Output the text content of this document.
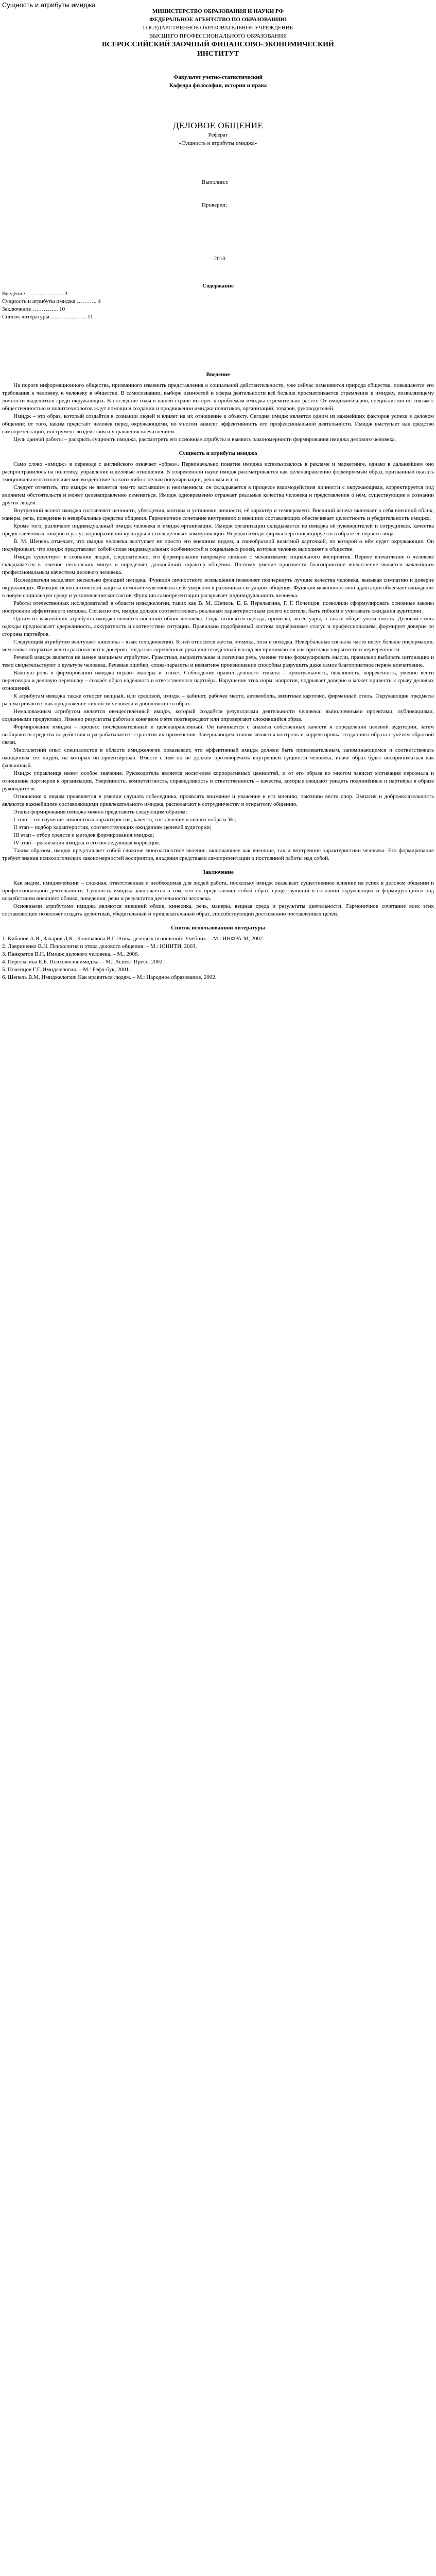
Сущность и атрибуты имиджа
МИНИСТЕРСТВО ОБРАЗОВАНИЯ И НАУКИ РФ
ФЕДЕРАЛЬНОЕ АГЕНТСТВО ПО ОБРАЗОВАНИЮ
ГОСУДАРСТВЕННОЕ ОБРАЗОВАТЕЛЬНОЕ УЧРЕЖДЕНИЕ
ВЫСШЕГО ПРОФЕССИОНАЛЬНОГО ОБРАЗОВАНИЯ
ВСЕРОССИЙСКИЙ ЗАОЧНЫЙ ФИНАНСОВО-ЭКОНОМИЧЕСКИЙ
ИНСТИТУТ
Факультет учетно-статистический
Кафедра философии, истории и права
ДЕЛОВОЕ ОБЩЕНИЕ
Реферат
«Сущность и атрибуты имиджа»
Выполнил:
Проверил:
- 2010
Содержание
Введение ……………….. 3
Сущность и атрибуты имиджа ……….. 4
Заключение ………….. 10
Список литературы ………………. 11
Введение

На пороге информационного общества, призванного изменить представления о социальной действительности, уже сейчас изменяются природа общества, повышаются его требования к человеку, к человеку в обществе. В самосознании, выборе ценностей и сферы деятельности всё больше просматривается стремление к имиджу, позволяющему личности выделиться среди окружающих. В последние годы в нашей стране интерес к проблемам имиджа стремительно растёт. От имиджмейкеров, специалистов по связям с общественностью и политтехнологов ждут помощи в создании и продвижении имиджа политиков, организаций, товаров, руководителей.

Имидж – это образ, который создаётся в сознании людей и влияет на их отношение к объекту. Сегодня имидж является одним из важнейших факторов успеха в деловом общении: от того, каким предстаёт человек перед окружающими, во многом зависит эффективность его профессиональной деятельности. Имидж выступает как средство самопрезентации, инструмент воздействия и управления впечатлением.

Цель данной работы – раскрыть сущность имиджа, рассмотреть его основные атрибуты и выявить закономерности формирования имиджа делового человека.

Сущность и атрибуты имиджа

Само слово «имидж» в переводе с английского означает «образ». Первоначально понятие имиджа использовалось в рекламе и маркетинге, однако в дальнейшем оно распространилось на политику, управление и деловые отношения. В современной науке имидж рассматривается как целенаправленно формируемый образ, призванный оказать эмоционально-психологическое воздействие на кого-либо с целью популяризации, рекламы и т. п.

Следует отметить, что имидж не является чем-то застывшим и неизменным: он складывается в процессе взаимодействия личности с окружающими, корректируется под влиянием обстоятельств и может целенаправленно изменяться. Имидж одновременно отражает реальные качества человека и представления о нём, существующие в сознании других людей.

Внутренний аспект имиджа составляют ценности, убеждения, мотивы и установки личности, её характер и темперамент. Внешний аспект включает в себя внешний облик, манеры, речь, поведение и невербальные средства общения. Гармоничное сочетание внутренних и внешних составляющих обеспечивает целостность и убедительность имиджа.

Кроме того, различают индивидуальный имидж человека и имидж организации. Имидж организации складывается из имиджа её руководителей и сотрудников, качества предоставляемых товаров и услуг, корпоративной культуры и стиля деловых коммуникаций. Нередко имидж фирмы персонифицируется в образе её первого лица.

В. М. Шепель отмечает, что имидж человека выступает не просто его внешним видом, а своеобразной визитной карточкой, по которой о нём судят окружающие. Он подчёркивает, что имидж представляет собой сплав индивидуальных особенностей и социальных ролей, которые человек выполняет в обществе.

Имидж существует в сознании людей, следовательно, его формирование напрямую связано с механизмами социального восприятия. Первое впечатление о человеке складывается в течение нескольких минут и определяет дальнейший характер общения. Поэтому умение произвести благоприятное впечатление является важнейшим профессиональным качеством делового человека.

Исследователи выделяют несколько функций имиджа. Функция личностного возвышения позволяет подчеркнуть лучшие качества человека, вызывая симпатию и доверие окружающих. Функция психологической защиты помогает чувствовать себя уверенно в различных ситуациях общения. Функция межличностной адаптации облегчает вхождение в новую социальную среду и установление контактов. Функция самопрезентации раскрывает индивидуальность человека.

Работы отечественных исследователей в области имиджелогии, таких как В. М. Шепель, Е. Б. Перелыгина, Г. Г. Почепцов, позволили сформулировать основные законы построения эффективного имиджа. Согласно им, имидж должен соответствовать реальным характеристикам своего носителя, быть гибким и учитывать ожидания аудитории.

Одним из важнейших атрибутов имиджа является внешний облик человека. Сюда относятся одежда, причёска, аксессуары, а также общая ухоженность. Деловой стиль одежды предполагает сдержанность, аккуратность и соответствие ситуации. Правильно подобранный костюм подчёркивает статус и профессионализм, формирует доверие со стороны партнёров.

Следующим атрибутом выступает кинесика – язык телодвижений. К ней относятся жесты, мимика, поза и походка. Невербальные сигналы часто несут больше информации, чем слова: открытые жесты располагают к доверию, тогда как скрещённые руки или отведённый взгляд воспринимаются как признаки закрытости и неуверенности.

Речевой имидж является не менее значимым атрибутом. Грамотная, выразительная и логичная речь, умение точно формулировать мысли, правильно выбирать интонацию и темп свидетельствуют о культуре человека. Речевые ошибки, слова-паразиты и невнятное произношение способны разрушить даже самое благоприятное первое впечатление.

Важную роль в формировании имиджа играют манеры и этикет. Соблюдение правил делового этикета – пунктуальность, вежливость, корректность, умение вести переговоры и деловую переписку – создаёт образ надёжного и ответственного партнёра. Нарушение этих норм, напротив, подрывает доверие и может привести к срыву деловых отношений.

К атрибутам имиджа также относят вещный, или средовой, имидж – кабинет, рабочее место, автомобиль, визитные карточки, фирменный стиль. Окружающие предметы рассматриваются как продолжение личности человека и дополняют его образ.

Немаловажным атрибутом является овеществлённый имидж, который создаётся результатами деятельности человека: выполненными проектами, публикациями, созданными продуктами. Именно результаты работы в конечном счёте подтверждают или опровергают сложившийся образ.

Формирование имиджа – процесс последовательный и целенаправленный. Он начинается с анализа собственных качеств и определения целевой аудитории, затем выбираются средства воздействия и разрабатывается стратегия их применения. Завершающим этапом является контроль и корректировка созданного образа с учётом обратной связи.

Многолетний опыт специалистов в области имиджелогии показывает, что эффективный имидж должен быть привлекательным, запоминающимся и соответствовать ожиданиям тех людей, на которых он ориентирован. Вместе с тем он не должен противоречить внутренней сущности человека, иначе образ будет восприниматься как фальшивый.

Имидж управленца имеет особое значение. Руководитель является носителем корпоративных ценностей, и от его образа во многом зависит мотивация персонала и отношение партнёров к организации. Уверенность, компетентность, справедливость и ответственность – качества, которые ожидают увидеть подчинённые и партнёры в образе руководителя.

Отношение к людям проявляется в умении слушать собеседника, проявлять внимание и уважение к его мнению, тактично вести спор. Эмпатия и доброжелательность являются важнейшими составляющими привлекательного имиджа, располагают к сотрудничеству и открытому общению.

Этапы формирования имиджа можно представить следующим образом:

I этап – это изучение личностных характеристик, качеств, составление и анализ «образа-Я»;

II этап – подбор характеристик, соответствующих ожиданиям целевой аудитории;

III этап – отбор средств и методов формирования имиджа;

IV этап – реализация имиджа и его последующая коррекция.

Таким образом, имидж представляет собой сложное многоаспектное явление, включающее как внешние, так и внутренние характеристики человека. Его формирование требует знания психологических закономерностей восприятия, владения средствами самопрезентации и постоянной работы над собой.

Заключение

Как видим, имиджмейкинг – сложная, ответственная и необходимая для людей работа, поскольку имидж оказывает существенное влияние на успех в деловом общении и профессиональной деятельности. Сущность имиджа заключается в том, что он представляет собой образ, существующий в сознании окружающих и формирующийся под воздействием внешнего облика, поведения, речи и результатов деятельности человека.

Основными атрибутами имиджа являются внешний облик, кинесика, речь, манеры, вещная среда и результаты деятельности. Гармоничное сочетание всех этих составляющих позволяет создать целостный, убедительный и привлекательный образ, способствующий достижению поставленных целей.

Список использованной литературы
1. Кибанов А.Я., Захаров Д.К., Коновалова В.Г. Этика деловых отношений: Учебник. – М.: ИНФРА-М, 2002.
2. Лавриненко В.Н. Психология и этика делового общения. – М.: ЮНИТИ, 2003.
3. Панкратов В.Н. Имидж делового человека. – М., 2006.
4. Перелыгина Е.Б. Психология имиджа. – М.: Аспект Пресс, 2002.
5. Почепцов Г.Г. Имиджелогия. – М.: Рефл-бук, 2001.
6. Шепель В.М. Имиджелогия: Как нравиться людям. – М.: Народное образование, 2002.
